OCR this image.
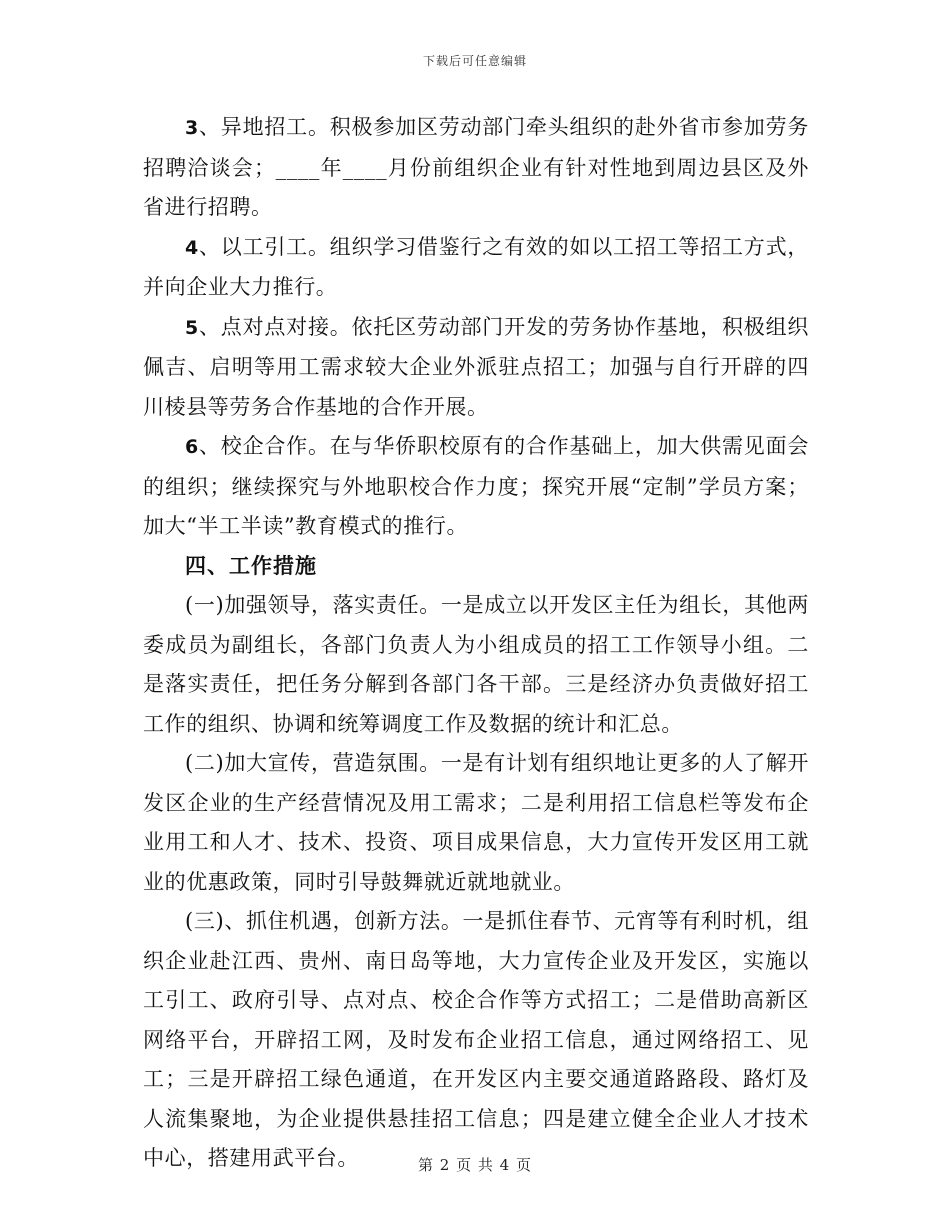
下载后可任意编辑

3、异地招工。积极参加区劳动部门牵头组织的赴外省市参加劳务招聘洽谈会；____年____月份前组织企业有针对性地到周边县区及外省进行招聘。

4、以工引工。组织学习借鉴行之有效的如以工招工等招工方式，并向企业大力推行。

5、点对点对接。依托区劳动部门开发的劳务协作基地，积极组织佩吉、启明等用工需求较大企业外派驻点招工；加强与自行开辟的四川棱县等劳务合作基地的合作开展。

6、校企合作。在与华侨职校原有的合作基础上，加大供需见面会的组织；继续探究与外地职校合作力度；探究开展“定制”学员方案；加大“半工半读”教育模式的推行。

四、工作措施

(一)加强领导，落实责任。一是成立以开发区主任为组长，其他两委成员为副组长，各部门负责人为小组成员的招工工作领导小组。二是落实责任，把任务分解到各部门各干部。三是经济办负责做好招工工作的组织、协调和统筹调度工作及数据的统计和汇总。

(二)加大宣传，营造氛围。一是有计划有组织地让更多的人了解开发区企业的生产经营情况及用工需求；二是利用招工信息栏等发布企业用工和人才、技术、投资、项目成果信息，大力宣传开发区用工就业的优惠政策，同时引导鼓舞就近就地就业。

(三)、抓住机遇，创新方法。一是抓住春节、元宵等有利时机，组织企业赴江西、贵州、南日岛等地，大力宣传企业及开发区，实施以工引工、政府引导、点对点、校企合作等方式招工；二是借助高新区网络平台，开辟招工网，及时发布企业招工信息，通过网络招工、见工；三是开辟招工绿色通道，在开发区内主要交通道路路段、路灯及人流集聚地，为企业提供悬挂招工信息；四是建立健全企业人才技术中心，搭建用武平台。	第 2 页 共 4 页
